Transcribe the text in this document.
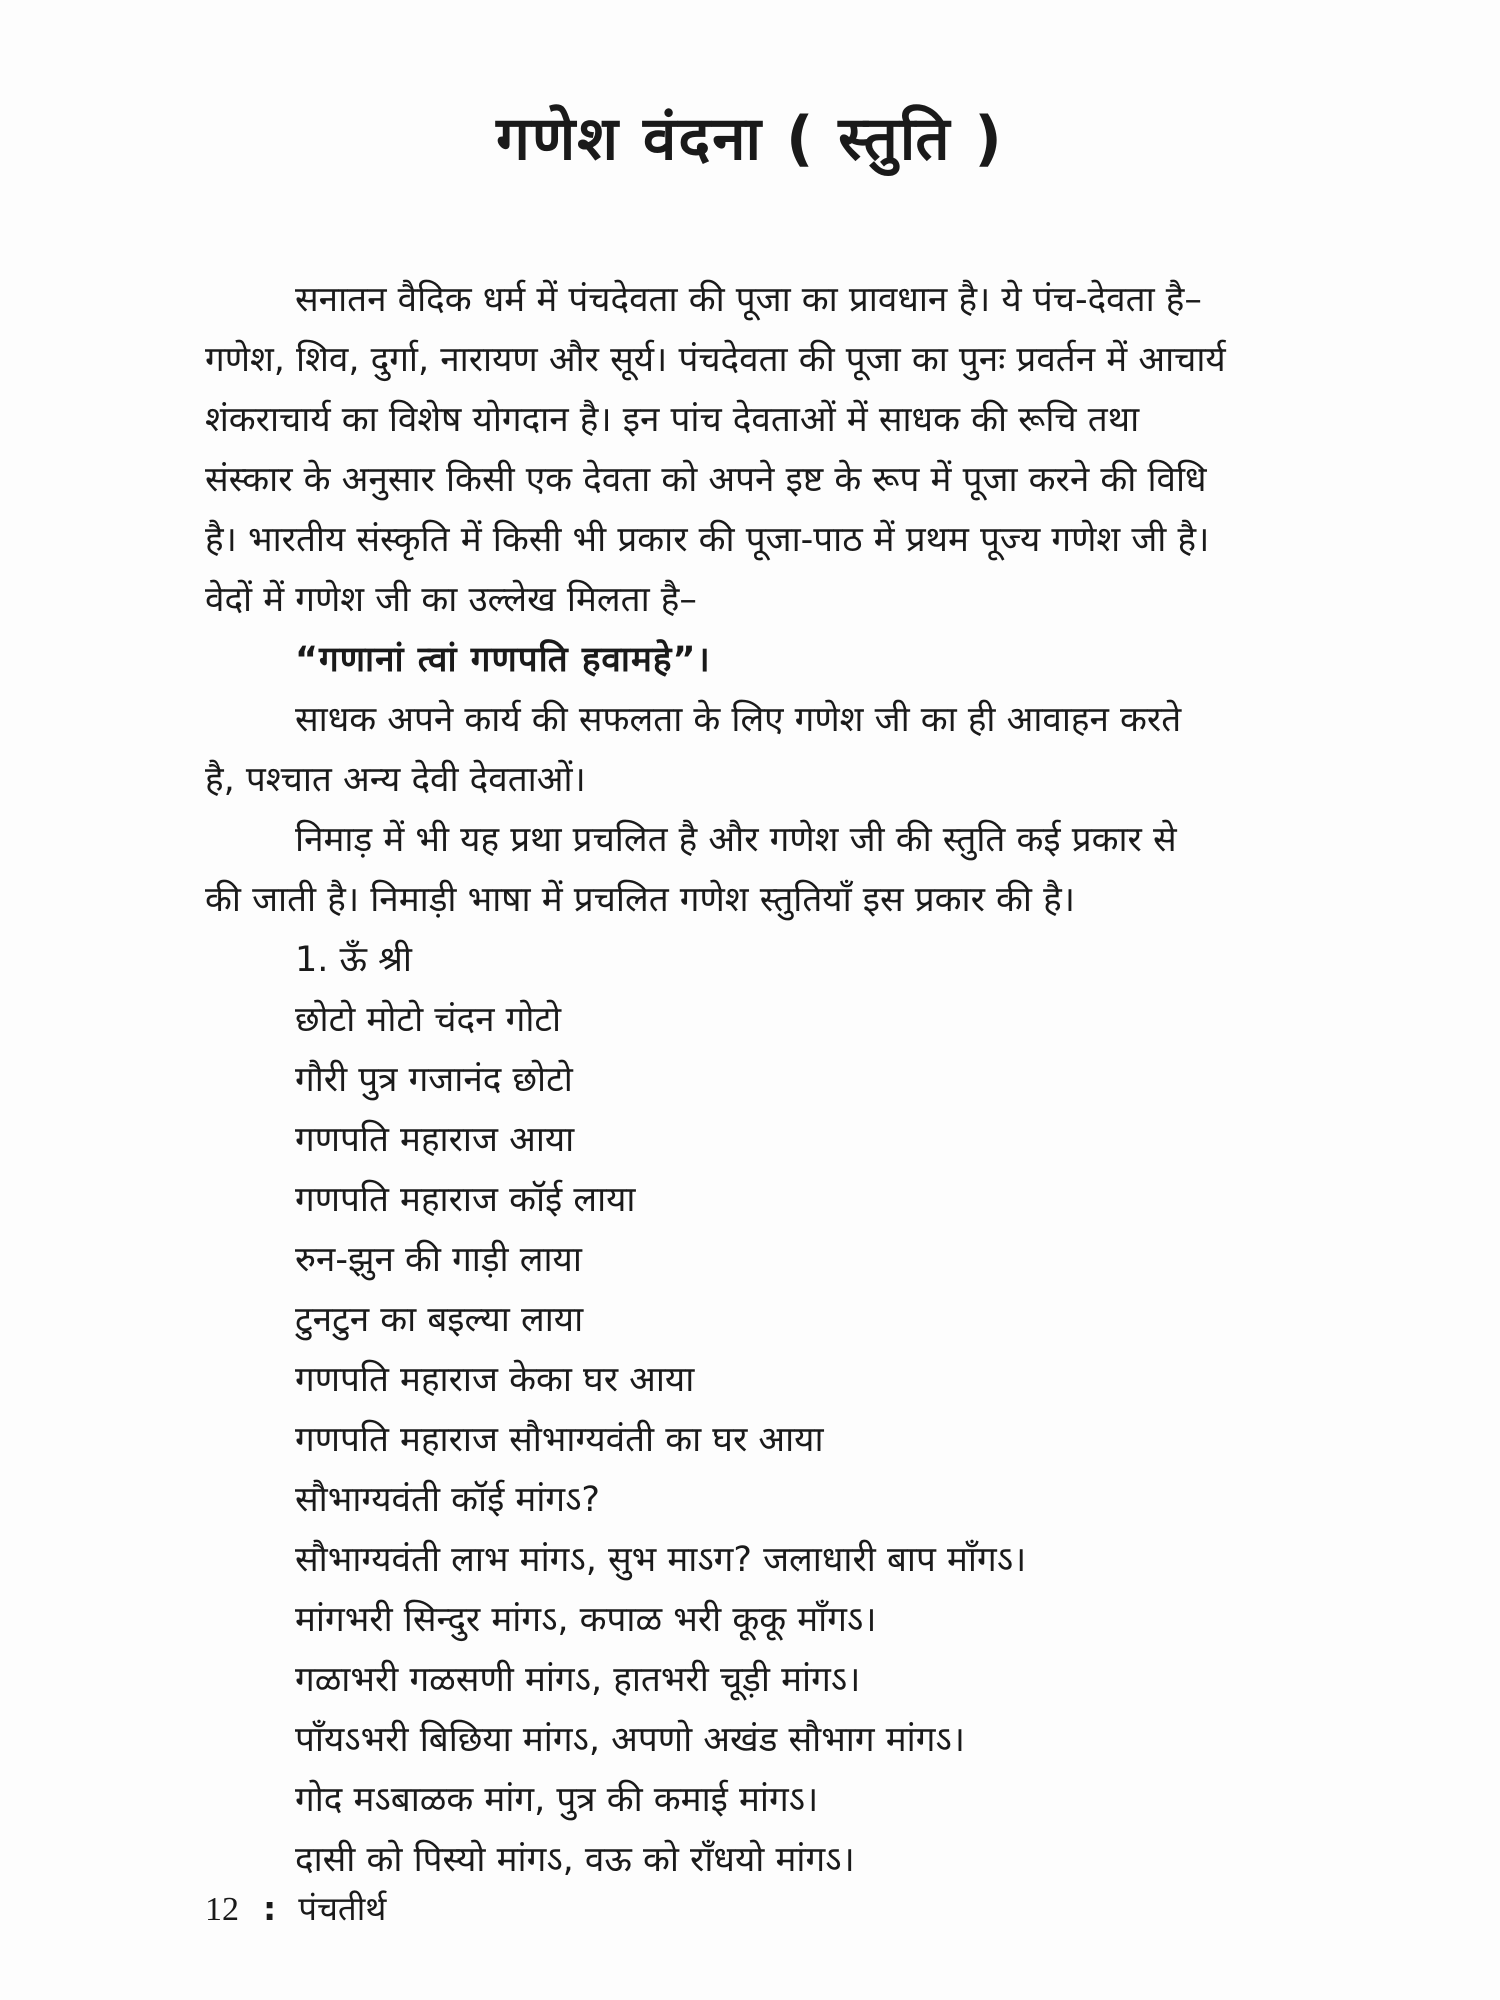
गणेश वंदना ( स्तुति )
सनातन वैदिक धर्म में पंचदेवता की पूजा का प्रावधान है। ये पंच-देवता है–
गणेश, शिव, दुर्गा, नारायण और सूर्य। पंचदेवता की पूजा का पुनः प्रवर्तन में आचार्य
शंकराचार्य का विशेष योगदान है। इन पांच देवताओं में साधक की रूचि तथा
संस्कार के अनुसार किसी एक देवता को अपने इष्ट के रूप में पूजा करने की विधि
है। भारतीय संस्कृति में किसी भी प्रकार की पूजा-पाठ में प्रथम पूज्य गणेश जी है।
वेदों में गणेश जी का उल्लेख मिलता है–
“गणानां त्वां गणपति हवामहे”।
साधक अपने कार्य की सफलता के लिए गणेश जी का ही आवाहन करते
है, पश्चात अन्य देवी देवताओं।
निमाड़ में भी यह प्रथा प्रचलित है और गणेश जी की स्तुति कई प्रकार से
की जाती है। निमाड़ी भाषा में प्रचलित गणेश स्तुतियाँ इस प्रकार की है।
1. ऊँ श्री
छोटो मोटो चंदन गोटो
गौरी पुत्र गजानंद छोटो
गणपति महाराज आया
गणपति महाराज कॉई लाया
रुन-झुन की गाड़ी लाया
टुनटुन का बइल्या लाया
गणपति महाराज केका घर आया
गणपति महाराज सौभाग्यवंती का घर आया
सौभाग्यवंती कॉई मांगऽ?
सौभाग्यवंती लाभ मांगऽ, सुभ माऽग? जलाधारी बाप मॉंगऽ।
मांगभरी सिन्दुर मांगऽ, कपाळ भरी कूकू मॉंगऽ।
गळाभरी गळसणी मांगऽ, हातभरी चूड़ी मांगऽ।
पॉंयऽभरी बिछिया मांगऽ, अपणो अखंड सौभाग मांगऽ।
गोद मऽबाळक मांग, पुत्र की कमाई मांगऽ।
दासी को पिस्यो मांगऽ, वऊ को रॉंधयो मांगऽ।
12 : पंचतीर्थ
